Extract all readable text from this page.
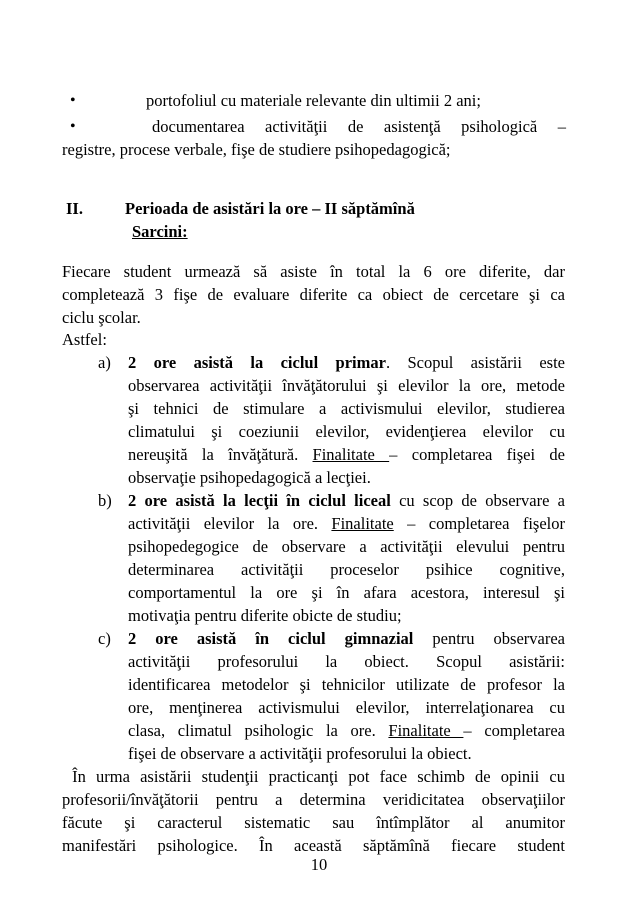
•	portofoliul cu materiale relevante din ultimii 2 ani;
•	documentarea activităţii de asistenţă psihologică –
registre, procese verbale, fişe de studiere psihopedagogică;
II.	Perioada de asistări la ore – II săptămînă
Sarcini:
Fiecare student urmează să asiste în total la 6 ore diferite, dar
completează 3 fişe de evaluare diferite ca obiect de cercetare şi ca
ciclu şcolar.
Astfel:
a) 2 ore asistă la ciclul primar. Scopul asistării este
observarea activităţii învăţătorului şi elevilor la ore, metode
şi tehnici de stimulare a activismului elevilor, studierea
climatului şi coeziunii elevilor, evidenţierea elevilor cu
nereuşită la învăţătură. Finalitate – completarea fişei de
observaţie psihopedagogică a lecţiei.
b) 2 ore asistă la lecţii în ciclul liceal cu scop de observare a
activităţii elevilor la ore. Finalitate – completarea fişelor
psihopedegogice de observare a activităţii elevului pentru
determinarea activităţii proceselor psihice cognitive,
comportamentul la ore şi în afara acestora, interesul şi
motivaţia pentru diferite obicte de studiu;
c) 2 ore asistă în ciclul gimnazial pentru observarea
activităţii profesorului la obiect. Scopul asistării:
identificarea metodelor şi tehnicilor utilizate de profesor la
ore, menţinerea activismului elevilor, interrelaţionarea cu
clasa, climatul psihologic la ore. Finalitate – completarea
fişei de observare a activităţii profesorului la obiect.
În urma asistării studenţii practicanţi pot face schimb de opinii cu
profesorii/învăţătorii pentru a determina veridicitatea observaţiilor
făcute şi caracterul sistematic sau întîmplător al anumitor
manifestări psihologice. În această săptămînă fiecare student
10
